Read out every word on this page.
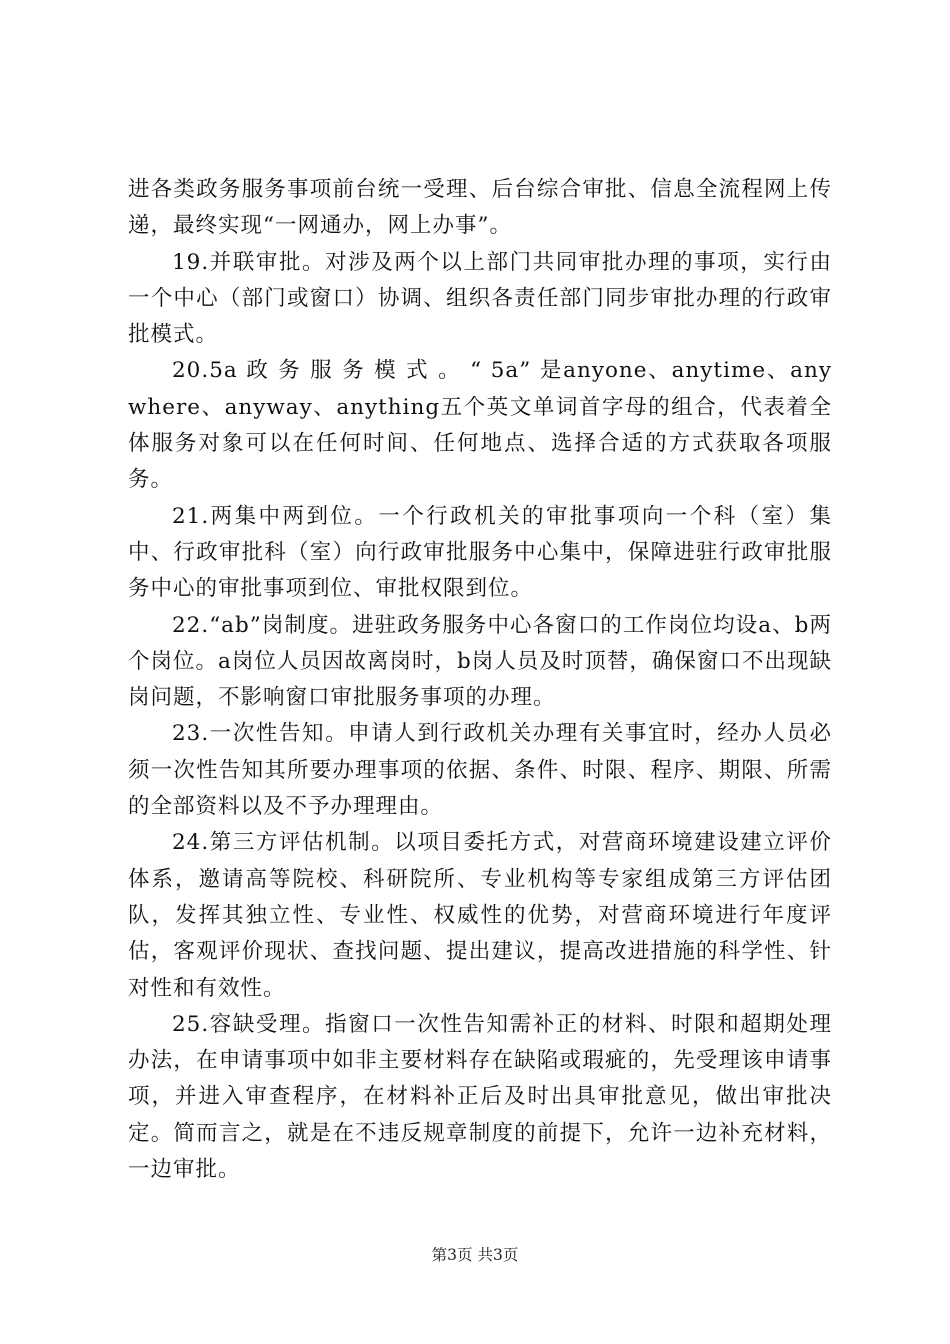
进各类政务服务事项前台统一受理、后台综合审批、信息全流程网上传递，最终实现“一网通办，网上办事”。

19.并联审批。对涉及两个以上部门共同审批办理的事项，实行由一个中心（部门或窗口）协调、组织各责任部门同步审批办理的行政审批模式。

20.5a 政 务 服 务 模 式 。 “ 5a” 是anyone、anytime、anywhere、anyway、anything五个英文单词首字母的组合，代表着全体服务对象可以在任何时间、任何地点、选择合适的方式获取各项服务。

21.两集中两到位。一个行政机关的审批事项向一个科（室）集中、行政审批科（室）向行政审批服务中心集中，保障进驻行政审批服务中心的审批事项到位、审批权限到位。

22.“ab”岗制度。进驻政务服务中心各窗口的工作岗位均设a、b两个岗位。a岗位人员因故离岗时，b岗人员及时顶替，确保窗口不出现缺岗问题，不影响窗口审批服务事项的办理。

23.一次性告知。申请人到行政机关办理有关事宜时，经办人员必须一次性告知其所要办理事项的依据、条件、时限、程序、期限、所需的全部资料以及不予办理理由。

24.第三方评估机制。以项目委托方式，对营商环境建设建立评价体系，邀请高等院校、科研院所、专业机构等专家组成第三方评估团队，发挥其独立性、专业性、权威性的优势，对营商环境进行年度评估，客观评价现状、查找问题、提出建议，提高改进措施的科学性、针对性和有效性。

25.容缺受理。指窗口一次性告知需补正的材料、时限和超期处理办法，在申请事项中如非主要材料存在缺陷或瑕疵的，先受理该申请事项，并进入审查程序，在材料补正后及时出具审批意见，做出审批决定。简而言之，就是在不违反规章制度的前提下，允许一边补充材料，一边审批。

第3页 共3页
